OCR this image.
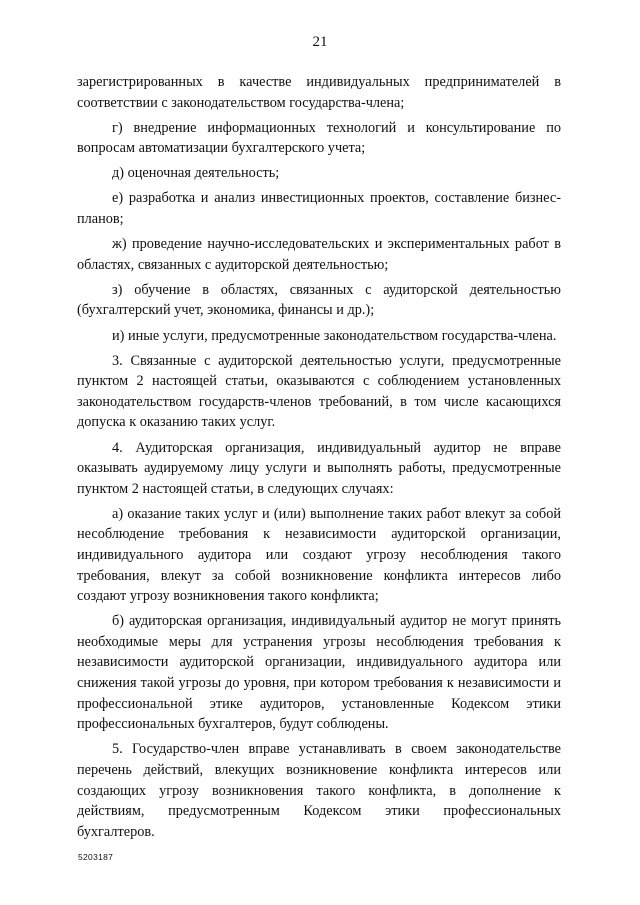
21

зарегистрированных в качестве индивидуальных предпринимателей в соответствии с законодательством государства-члена;

г) внедрение информационных технологий и консультирование по вопросам автоматизации бухгалтерского учета;

д) оценочная деятельность;

е) разработка и анализ инвестиционных проектов, составление бизнес-планов;

ж) проведение научно-исследовательских и экспериментальных работ в областях, связанных с аудиторской деятельностью;

з) обучение в областях, связанных с аудиторской деятельностью (бухгалтерский учет, экономика, финансы и др.);

и) иные услуги, предусмотренные законодательством государства-члена.

3. Связанные с аудиторской деятельностью услуги, предусмотренные пунктом 2 настоящей статьи, оказываются с соблюдением установленных законодательством государств-членов требований, в том числе касающихся допуска к оказанию таких услуг.

4. Аудиторская организация, индивидуальный аудитор не вправе оказывать аудируемому лицу услуги и выполнять работы, предусмотренные пунктом 2 настоящей статьи, в следующих случаях:

а) оказание таких услуг и (или) выполнение таких работ влекут за собой несоблюдение требования к независимости аудиторской организации, индивидуального аудитора или создают угрозу несоблюдения такого требования, влекут за собой возникновение конфликта интересов либо создают угрозу возникновения такого конфликта;

б) аудиторская организация, индивидуальный аудитор не могут принять необходимые меры для устранения угрозы несоблюдения требования к независимости аудиторской организации, индивидуального аудитора или снижения такой угрозы до уровня, при котором требования к независимости и профессиональной этике аудиторов, установленные Кодексом этики профессиональных бухгалтеров, будут соблюдены.

5. Государство-член вправе устанавливать в своем законодательстве перечень действий, влекущих возникновение конфликта интересов или создающих угрозу возникновения такого конфликта, в дополнение к действиям, предусмотренным Кодексом этики профессиональных бухгалтеров.

5203187
